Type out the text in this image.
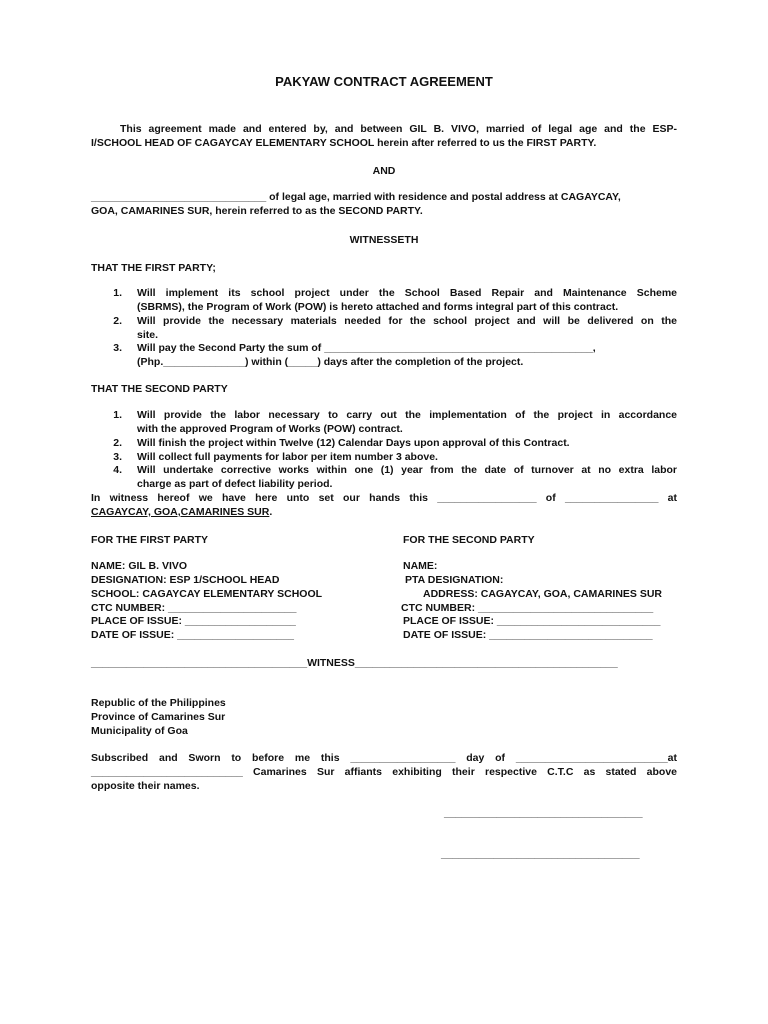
PAKYAW CONTRACT AGREEMENT
This agreement made and entered by, and between GIL B. VIVO, married of legal age and the ESP-
I/SCHOOL HEAD OF CAGAYCAY ELEMENTARY SCHOOL herein after referred to us the FIRST PARTY.
AND
______________________________ of legal age, married with residence and postal address at CAGAYCAY,
GOA, CAMARINES SUR, herein referred to as the SECOND PARTY.
WITNESSETH
THAT THE FIRST PARTY;
1. Will implement its school project under the School Based Repair and Maintenance Scheme
(SBRMS), the Program of Work (POW) is hereto attached and forms integral part of this contract.
2. Will provide the necessary materials needed for the school project and will be delivered on the
site.
3. Will pay the Second Party the sum of ______________________________________________,
(Php.______________) within (_____) days after the completion of the project.
THAT THE SECOND PARTY
1. Will provide the labor necessary to carry out the implementation of the project in accordance
with the approved Program of Works (POW) contract.
2. Will finish the project within Twelve (12) Calendar Days upon approval of this Contract.
3. Will collect full payments for labor per item number 3 above.
4. Will undertake corrective works within one (1) year from the date of turnover at no extra labor
charge as part of defect liability period.
In witness hereof we have here unto set our hands this _________________ of ________________ at
CAGAYCAY, GOA,CAMARINES SUR.
FOR THE FIRST PARTY
NAME: GIL B. VIVO
DESIGNATION: ESP 1/SCHOOL HEAD
SCHOOL: CAGAYCAY ELEMENTARY SCHOOL
CTC NUMBER: ______________________
PLACE OF ISSUE: ___________________
DATE OF ISSUE: ____________________
FOR THE SECOND PARTY
NAME:
PTA DESIGNATION:
ADDRESS: CAGAYCAY, GOA, CAMARINES SUR
CTC NUMBER: ______________________________
PLACE OF ISSUE: ____________________________
DATE OF ISSUE: ____________________________
_____________________________________WITNESS_____________________________________________
Republic of the Philippines
Province of Camarines Sur
Municipality of Goa
Subscribed and Sworn to before me this __________________ day of __________________________at
__________________________ Camarines Sur affiants exhibiting their respective C.T.C as stated above
opposite their names.
__________________________________
__________________________________
